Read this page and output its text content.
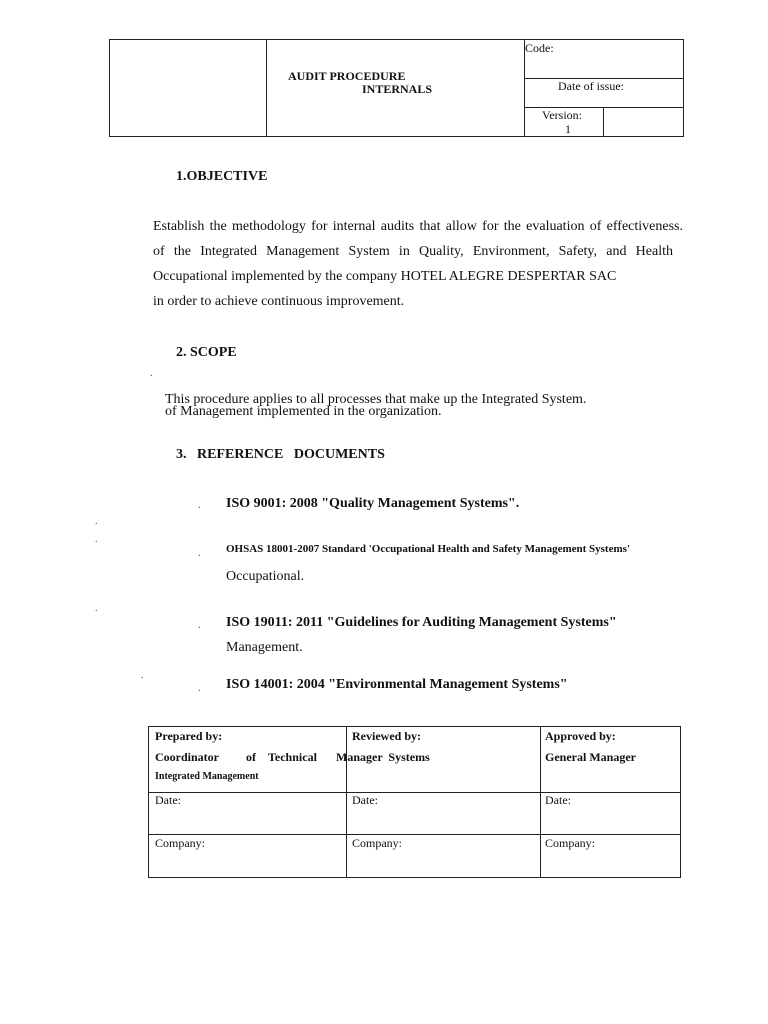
AUDIT PROCEDURE
INTERNALS
Code:
Date of issue:
Version:
1
1.OBJECTIVE
Establish the methodology for internal audits that allow for the evaluation of effectiveness.
of the Integrated Management System in Quality, Environment, Safety, and Health
Occupational implemented by the company HOTEL ALEGRE DESPERTAR SAC
in order to achieve continuous improvement.
2. SCOPE
.
This procedure applies to all processes that make up the Integrated System.
of Management implemented in the organization.
3.   REFERENCE   DOCUMENTS
. ISO 9001: 2008 "Quality Management Systems".
.
.
. OHSAS 18001-2007 Standard 'Occupational Health and Safety Management Systems'
Occupational.
.
. ISO 19011: 2011 "Guidelines for Auditing Management Systems"
Management.
.
. ISO 14001: 2004 "Environmental Management Systems"
Prepared by:
Coordinator of Technical
Integrated Management
Date:
Company:
Reviewed by:
Manager  Systems
Date:
Company:
Approved by:
General Manager
Date:
Company:
